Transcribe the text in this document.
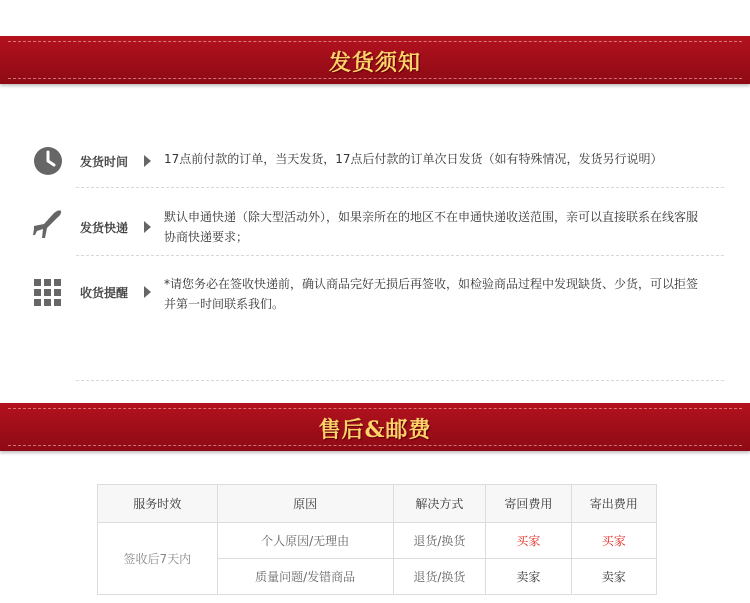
发货须知
发货时间	17点前付款的订单，当天发货，17点后付款的订单次日发货（如有特殊情况，发货另行说明）
发货快递
默认申通快递（除大型活动外），如果亲所在的地区不在申通快递收送范围，亲可以直接联系在线客服协商快递要求；
收货提醒
*请您务必在签收快递前，确认商品完好无损后再签收，如检验商品过程中发现缺货、少货，可以拒签并第一时间联系我们。
售后&邮费
服务时效	原因	解决方式	寄回费用	寄出费用
签收后7天内	个人原因/无理由	退货/换货	买家	买家
	质量问题/发错商品	退货/换货	卖家	卖家
